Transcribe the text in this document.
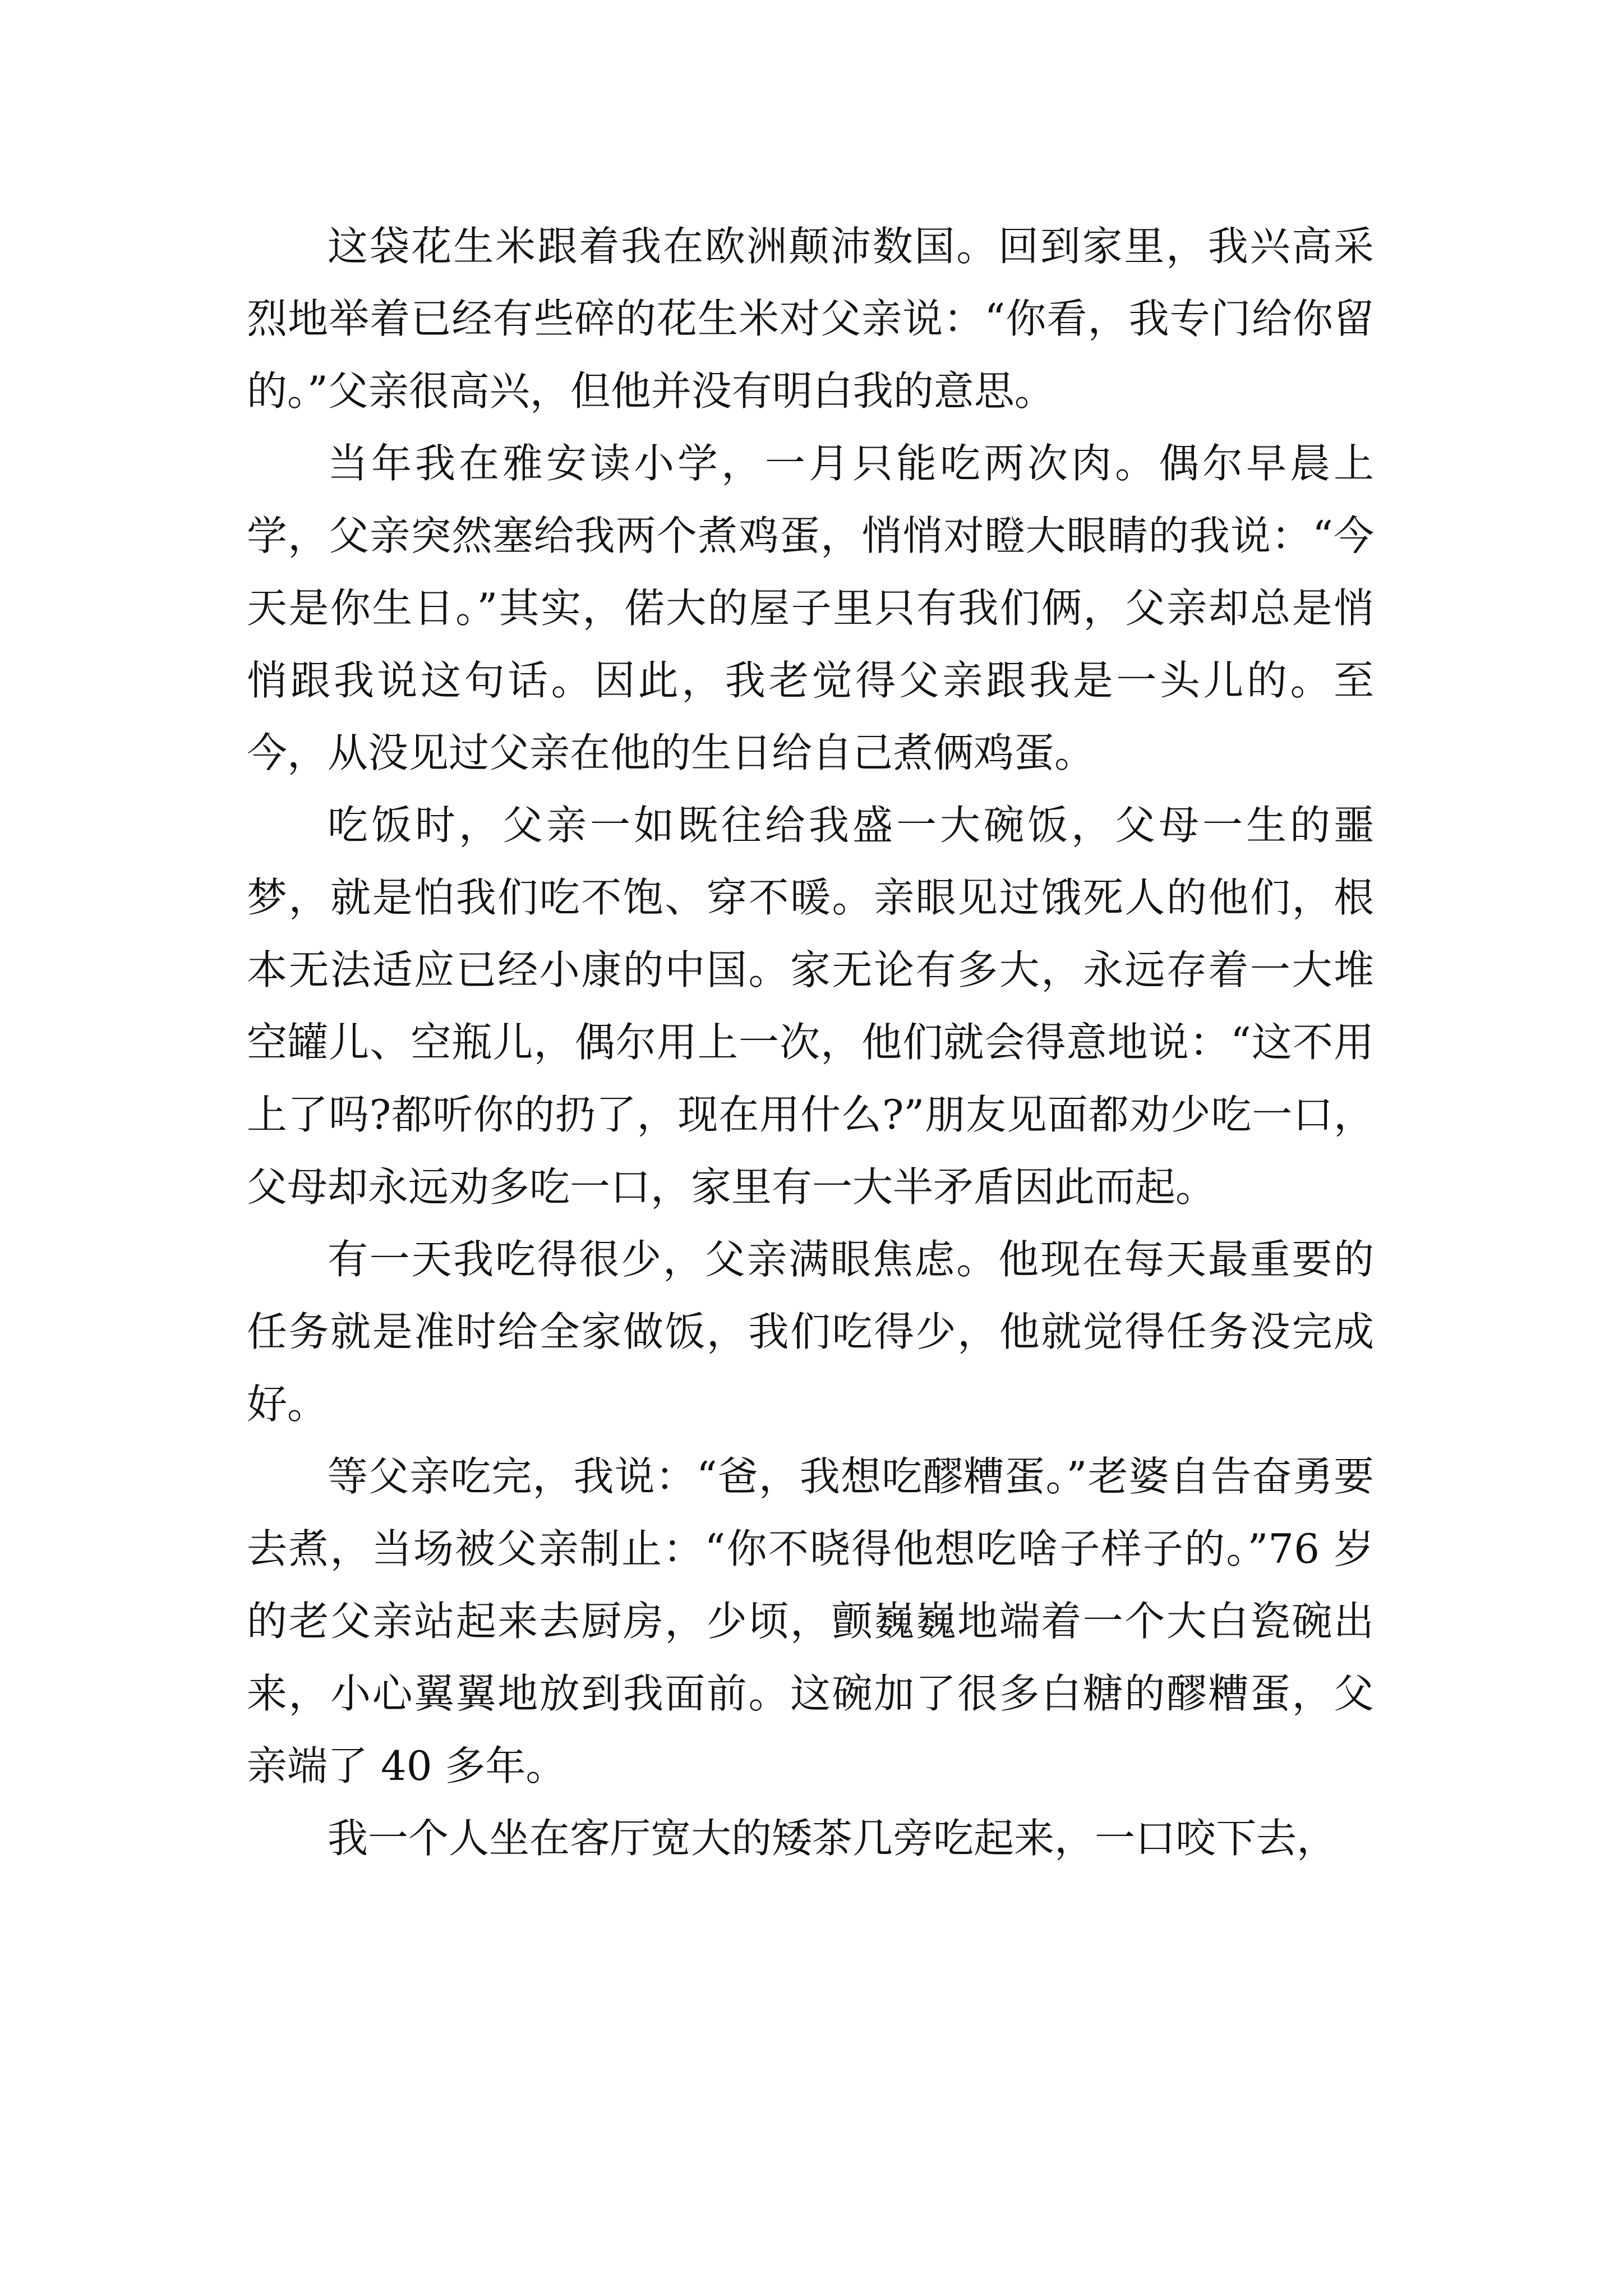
这袋花生米跟着我在欧洲颠沛数国。回到家里，我兴高采烈地举着已经有些碎的花生米对父亲说：“你看，我专门给你留的。”父亲很高兴，但他并没有明白我的意思。

当年我在雅安读小学，一月只能吃两次肉。偶尔早晨上学，父亲突然塞给我两个煮鸡蛋，悄悄对瞪大眼睛的我说：“今天是你生日。”其实，偌大的屋子里只有我们俩，父亲却总是悄悄跟我说这句话。因此，我老觉得父亲跟我是一头儿的。至今，从没见过父亲在他的生日给自己煮俩鸡蛋。

吃饭时，父亲一如既往给我盛一大碗饭，父母一生的噩梦，就是怕我们吃不饱、穿不暖。亲眼见过饿死人的他们，根本无法适应已经小康的中国。家无论有多大，永远存着一大堆空罐儿、空瓶儿，偶尔用上一次，他们就会得意地说：“这不用上了吗?都听你的扔了，现在用什么?”朋友见面都劝少吃一口，父母却永远劝多吃一口，家里有一大半矛盾因此而起。

有一天我吃得很少，父亲满眼焦虑。他现在每天最重要的任务就是准时给全家做饭，我们吃得少，他就觉得任务没完成好。

等父亲吃完，我说：“爸，我想吃醪糟蛋。”老婆自告奋勇要去煮，当场被父亲制止：“你不晓得他想吃啥子样子的。”76 岁的老父亲站起来去厨房，少顷，颤巍巍地端着一个大白瓷碗出来，小心翼翼地放到我面前。这碗加了很多白糖的醪糟蛋，父亲端了 40 多年。

我一个人坐在客厅宽大的矮茶几旁吃起来，一口咬下去，
